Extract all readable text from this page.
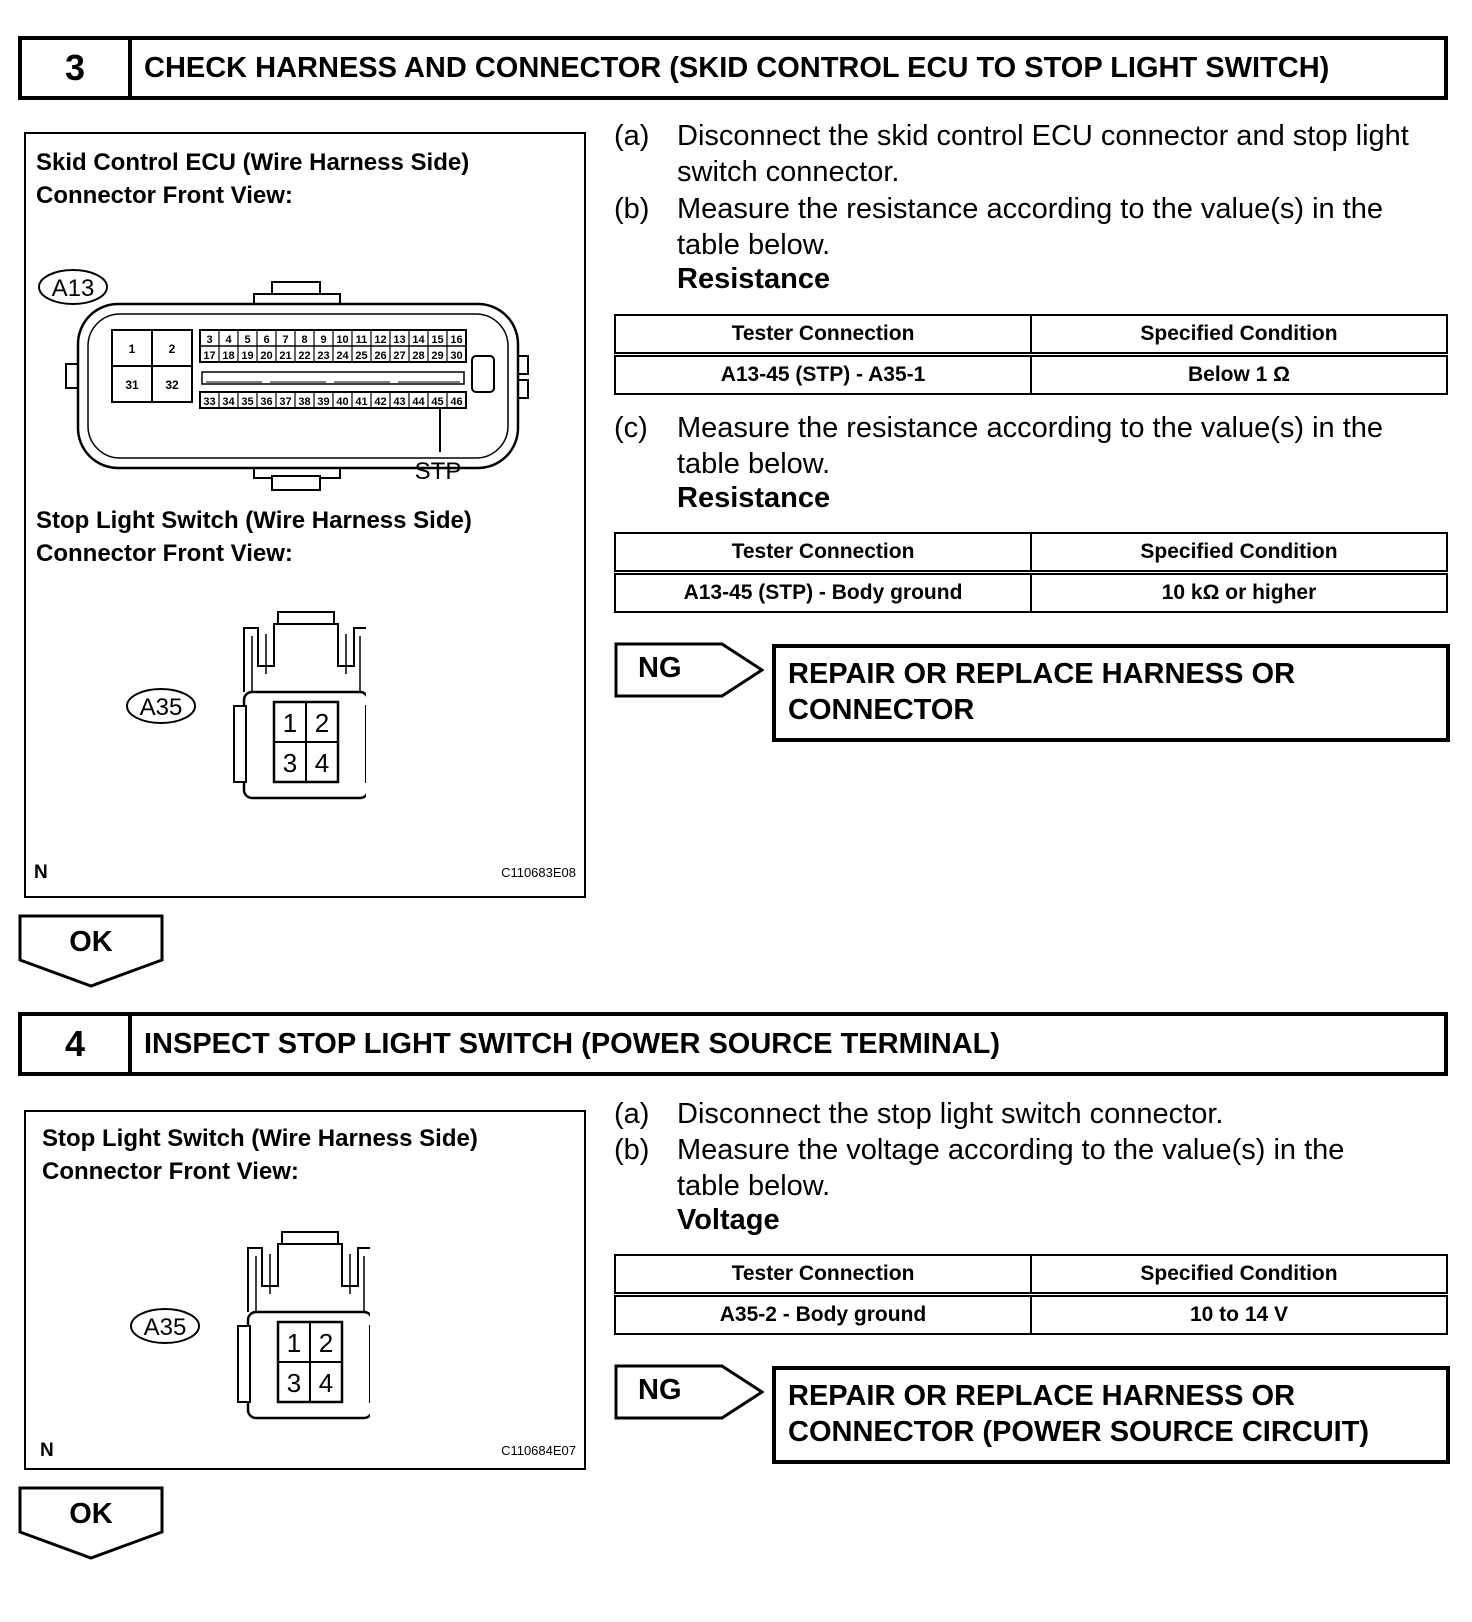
3	CHECK HARNESS AND CONNECTOR (SKID CONTROL ECU TO STOP LIGHT SWITCH)
Skid Control ECU (Wire Harness Side)
Connector Front View:
A13
1	2
31 32
3 4 5 6 7 8 9 10 11 12 13 14 15 16
17 18 19 20 21 22 23 24 25 26 27 28 29 30
33 34 35 36 37 38 39 40 41 42 43 44 45 46
STP
Stop Light Switch (Wire Harness Side)
Connector Front View:
A35
1 2
3 4
N	C110683E08
(a) Disconnect the skid control ECU connector and stop light
switch connector.
(b) Measure the resistance according to the value(s) in the
table below.
Resistance
Tester Connection	Specified Condition
A13-45 (STP) - A35-1	Below 1 Ω
(c) Measure the resistance according to the value(s) in the
table below.
Resistance
Tester Connection	Specified Condition
A13-45 (STP) - Body ground	10 kΩ or higher
NG	REPAIR OR REPLACE HARNESS OR
CONNECTOR
OK
4	INSPECT STOP LIGHT SWITCH (POWER SOURCE TERMINAL)
Stop Light Switch (Wire Harness Side)
Connector Front View:
A35
1 2
3 4
N	C110684E07
(a) Disconnect the stop light switch connector.
(b) Measure the voltage according to the value(s) in the
table below.
Voltage
Tester Connection	Specified Condition
A35-2 - Body ground	10 to 14 V
NG	REPAIR OR REPLACE HARNESS OR
CONNECTOR (POWER SOURCE CIRCUIT)
OK
